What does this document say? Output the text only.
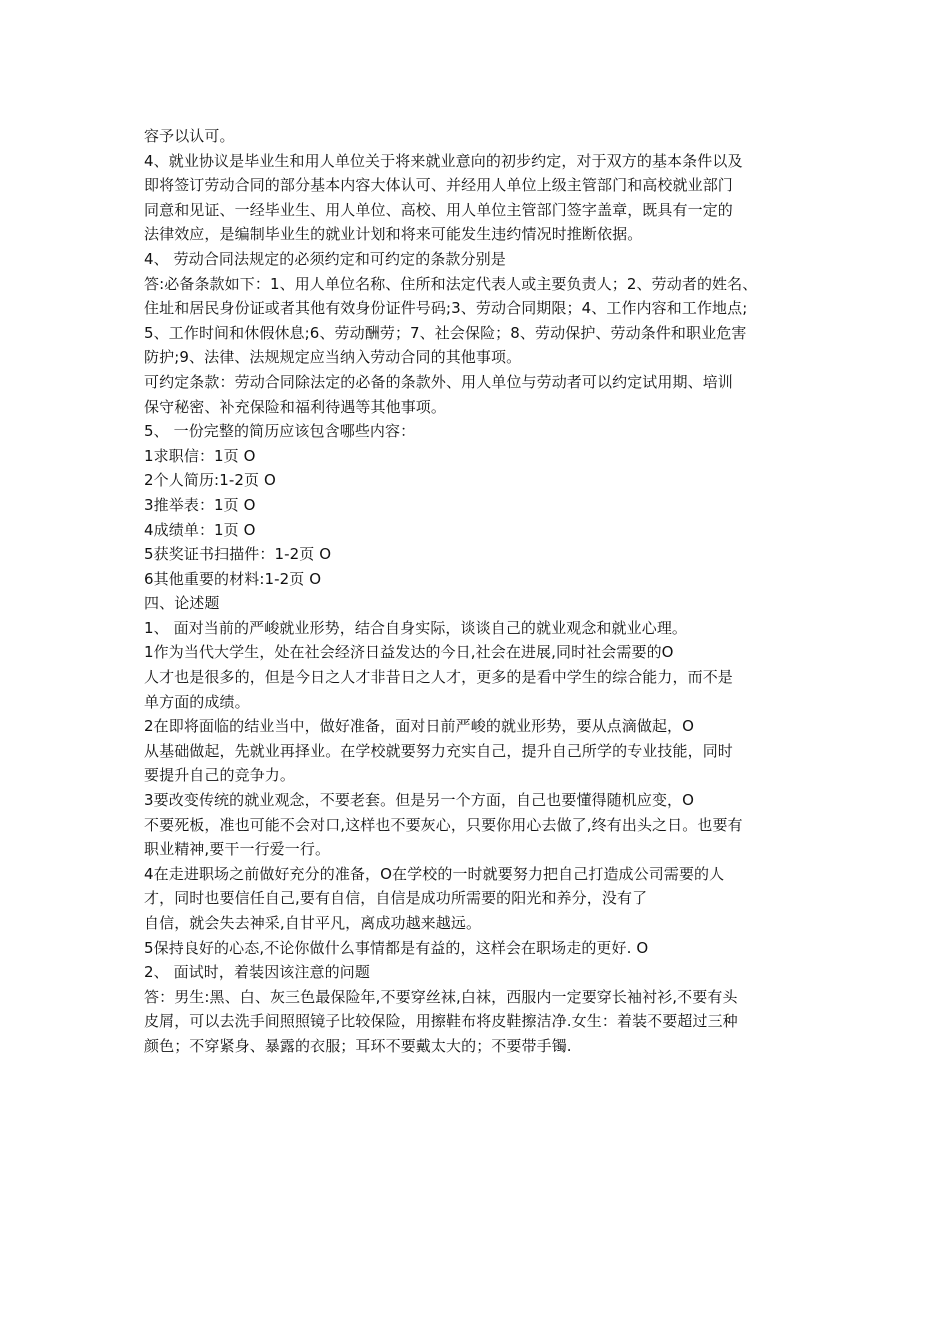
容予以认可。
4、就业协议是毕业生和用人单位关于将来就业意向的初步约定，对于双方的基本条件以及
即将签订劳动合同的部分基本内容大体认可、并经用人单位上级主管部门和高校就业部门
同意和见证、一经毕业生、用人单位、高校、用人单位主管部门签字盖章，既具有一定的
法律效应，是编制毕业生的就业计划和将来可能发生违约情况时推断依据。
4、 劳动合同法规定的必须约定和可约定的条款分别是
答:必备条款如下：1、用人单位名称、住所和法定代表人或主要负责人；2、劳动者的姓名、
住址和居民身份证或者其他有效身份证件号码;3、劳动合同期限；4、工作内容和工作地点;
5、工作时间和休假休息;6、劳动酬劳；7、社会保险；8、劳动保护、劳动条件和职业危害
防护;9、法律、法规规定应当纳入劳动合同的其他事项。
可约定条款：劳动合同除法定的必备的条款外、用人单位与劳动者可以约定试用期、培训
保守秘密、补充保险和福利待遇等其他事项。
5、 一份完整的简历应该包含哪些内容：
1求职信：1页 O
2个人简历:1-2页 O
3推举表：1页 O
4成绩单：1页 O
5获奖证书扫描件：1-2页 O
6其他重要的材料:1-2页 O
四、论述题
1、 面对当前的严峻就业形势，结合自身实际，谈谈自己的就业观念和就业心理。
1作为当代大学生，处在社会经济日益发达的今日,社会在进展,同时社会需要的O
人才也是很多的，但是今日之人才非昔日之人才，更多的是看中学生的综合能力，而不是
单方面的成绩。
2在即将面临的结业当中，做好准备，面对日前严峻的就业形势，要从点滴做起，O
从基础做起，先就业再择业。在学校就要努力充实自己，提升自己所学的专业技能，同时
要提升自己的竞争力。
3要改变传统的就业观念，不要老套。但是另一个方面，自己也要懂得随机应变，O
不要死板，准也可能不会对口,这样也不要灰心，只要你用心去做了,终有出头之日。也要有
职业精神,要干一行爱一行。
4在走进职场之前做好充分的准备，O在学校的一时就要努力把自己打造成公司需要的人
才，同时也要信任自己,要有自信，自信是成功所需要的阳光和养分，没有了
自信，就会失去神采,自甘平凡，离成功越来越远。
5保持良好的心态,不论你做什么事情都是有益的，这样会在职场走的更好. O
2、 面试时，着装因该注意的问题
答：男生:黑、白、灰三色最保险年,不要穿丝袜,白袜，西服内一定要穿长袖衬衫,不要有头
皮屑，可以去洗手间照照镜子比较保险，用擦鞋布将皮鞋擦洁净.女生：着装不要超过三种
颜色；不穿紧身、暴露的衣服；耳环不要戴太大的；不要带手镯.
